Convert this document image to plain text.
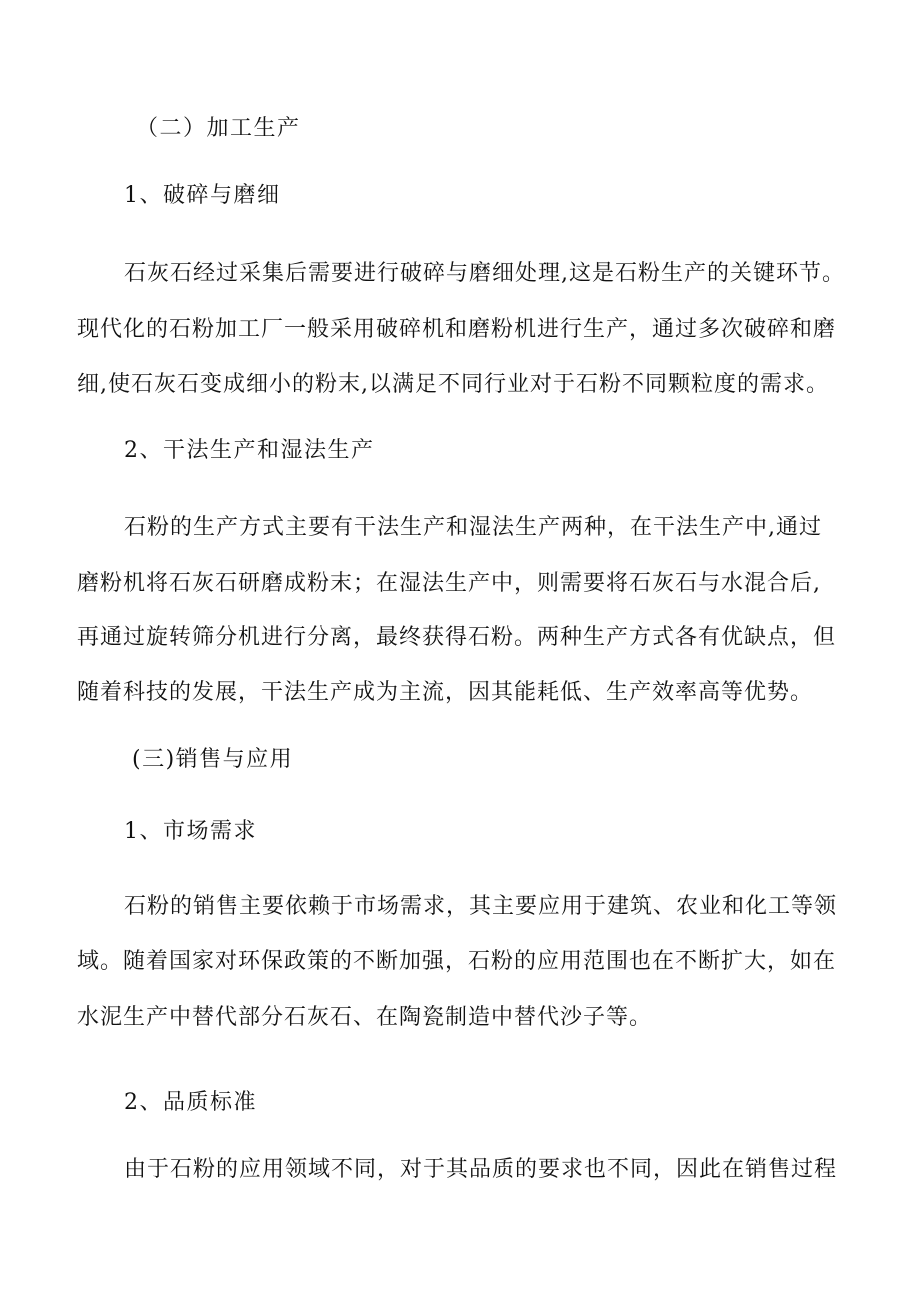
（二）加工生产
1、破碎与磨细
石灰石经过采集后需要进行破碎与磨细处理,这是石粉生产的关键环节。
现代化的石粉加工厂一般采用破碎机和磨粉机进行生产，通过多次破碎和磨
细,使石灰石变成细小的粉末,以满足不同行业对于石粉不同颗粒度的需求。
2、干法生产和湿法生产
石粉的生产方式主要有干法生产和湿法生产两种，在干法生产中,通过
磨粉机将石灰石研磨成粉末；在湿法生产中，则需要将石灰石与水混合后,
再通过旋转筛分机进行分离，最终获得石粉。两种生产方式各有优缺点，但
随着科技的发展，干法生产成为主流，因其能耗低、生产效率高等优势。
(三)销售与应用
1、市场需求
石粉的销售主要依赖于市场需求，其主要应用于建筑、农业和化工等领
域。随着国家对环保政策的不断加强，石粉的应用范围也在不断扩大，如在
水泥生产中替代部分石灰石、在陶瓷制造中替代沙子等。
2、品质标准
由于石粉的应用领域不同，对于其品质的要求也不同，因此在销售过程
